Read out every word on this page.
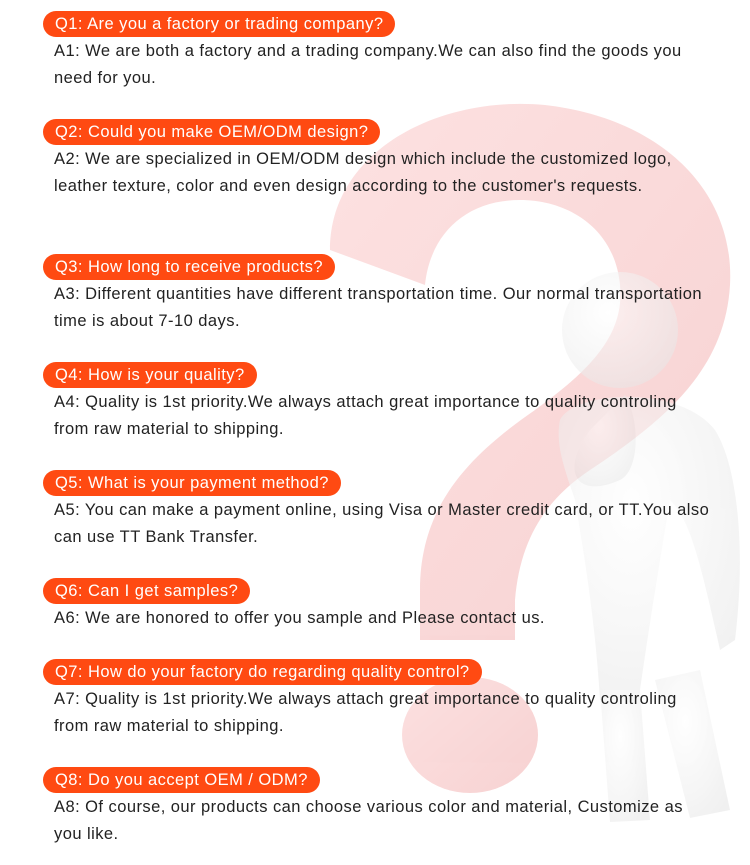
Q1: Are you a factory or trading company?

A1: We are both a factory and a trading company.We can also find the goods you need for you.

Q2: Could you make OEM/ODM design?

A2: We are specialized in OEM/ODM design which include the customized logo, leather texture, color and even design according to the customer's requests.

Q3: How long to receive products?

A3: Different quantities have different transportation time. Our normal transportation time is about 7-10 days.

Q4: How is your quality?

A4: Quality is 1st priority.We always attach great importance to quality controling from raw material to shipping.

Q5: What is your payment method?

A5: You can make a payment online, using Visa or Master credit card, or TT.You also can use TT Bank Transfer.

Q6: Can I get samples?

A6: We are honored to offer you sample and Please contact us.

Q7: How do your factory do regarding quality control?

A7: Quality is 1st priority.We always attach great importance to quality controling from raw material to shipping.

Q8: Do you accept OEM / ODM?

A8: Of course, our products can choose various color and material, Customize as you like.
